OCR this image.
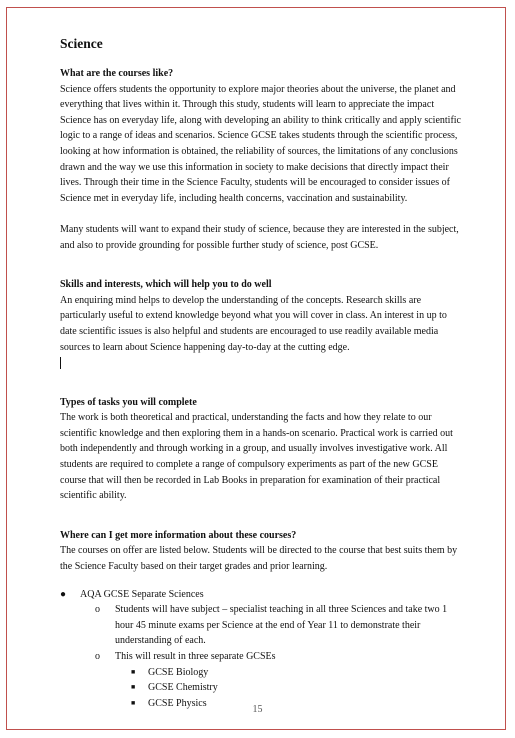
Science
What are the courses like?

Science offers students the opportunity to explore major theories about the universe, the planet and everything that lives within it. Through this study, students will learn to appreciate the impact Science has on everyday life, along with developing an ability to think critically and apply scientific logic to a range of ideas and scenarios. Science GCSE takes students through the scientific process, looking at how information is obtained, the reliability of sources, the limitations of any conclusions drawn and the way we use this information in society to make decisions that directly impact their lives. Through their time in the Science Faculty, students will be encouraged to consider issues of Science met in everyday life, including health concerns, vaccination and sustainability.

Many students will want to expand their study of science, because they are interested in the subject, and also to provide grounding for possible further study of science, post GCSE.

Skills and interests, which will help you to do well

An enquiring mind helps to develop the understanding of the concepts. Research skills are particularly useful to extend knowledge beyond what you will cover in class. An interest in up to date scientific issues is also helpful and students are encouraged to use readily available media sources to learn about Science happening day-to-day at the cutting edge.

Types of tasks you will complete

The work is both theoretical and practical, understanding the facts and how they relate to our scientific knowledge and then exploring them in a hands-on scenario. Practical work is carried out both independently and through working in a group, and usually involves investigative work. All students are required to complete a range of compulsory experiments as part of the new GCSE course that will then be recorded in Lab Books in preparation for examination of their practical scientific ability.

Where can I get more information about these courses?

The courses on offer are listed below. Students will be directed to the course that best suits them by the Science Faculty based on their target grades and prior learning.

● AQA GCSE Separate Sciences
o Students will have subject – specialist teaching in all three Sciences and take two 1 hour 45 minute exams per Science at the end of Year 11 to demonstrate their understanding of each.
o This will result in three separate GCSEs
■ GCSE Biology
■ GCSE Chemistry
■ GCSE Physics
15
